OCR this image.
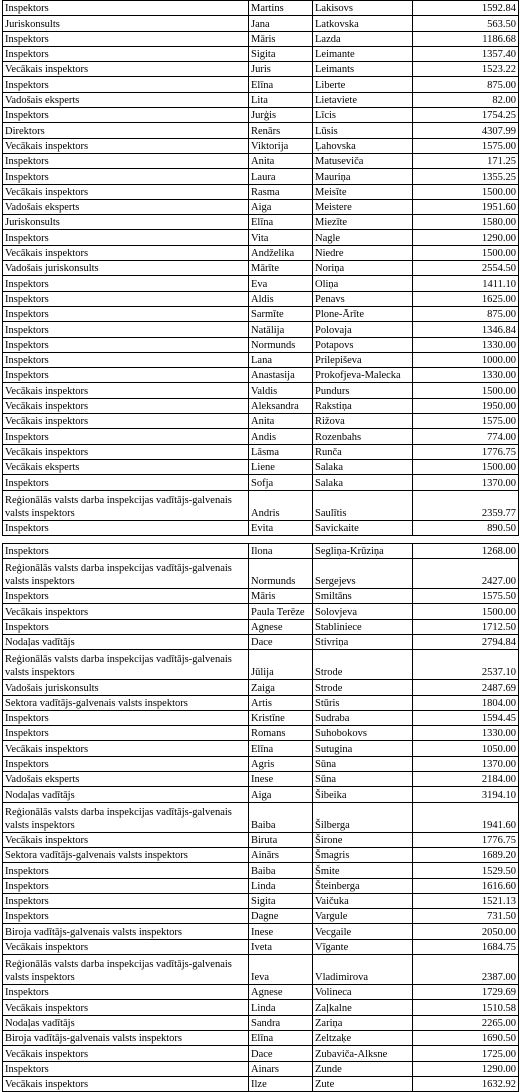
Inspektors	Martins	Lakisovs	1592.84
Juriskonsults	Jana	Latkovska	563.50
Inspektors	Māris	Lazda	1186.68
Inspektors	Sigita	Leimante	1357.40
Vecākais inspektors	Juris	Leimants	1523.22
Inspektors	Elīna	Liberte	875.00
Vadošais eksperts	Lita	Lietaviete	82.00
Inspektors	Jurģis	Līcis	1754.25
Direktors	Renārs	Lūsis	4307.99
Vecākais inspektors	Viktorija	Ļahovska	1575.00
Inspektors	Anita	Matuseviča	171.25
Inspektors	Laura	Mauriņa	1355.25
Vecākais inspektors	Rasma	Meisīte	1500.00
Vadošais eksperts	Aiga	Meistere	1951.60
Juriskonsults	Elīna	Miezīte	1580.00
Inspektors	Vita	Nagle	1290.00
Vecākais inspektors	Andželika	Niedre	1500.00
Vadošais juriskonsults	Mārīte	Noriņa	2554.50
Inspektors	Eva	Oliņa	1411.10
Inspektors	Aldis	Penavs	1625.00
Inspektors	Sarmīte	Plone-Ārīte	875.00
Inspektors	Natālija	Polovaja	1346.84
Inspektors	Normunds	Potapovs	1330.00
Inspektors	Lana	Prilepiševa	1000.00
Inspektors	Anastasija	Prokofjeva-Malecka	1330.00
Vecākais inspektors	Valdis	Pundurs	1500.00
Vecākais inspektors	Aleksandra	Rakstiņa	1950.00
Vecākais inspektors	Anita	Rižova	1575.00
Inspektors	Andis	Rozenbahs	774.00
Vecākais inspektors	Lāsma	Runča	1776.75
Vecākais eksperts	Liene	Salaka	1500.00
Inspektors	Sofja	Salaka	1370.00
Reģionālās valsts darba inspekcijas vadītājs-galvenais valsts inspektors	Andris	Saulītis	2359.77
Inspektors	Evita	Savickaite	890.50
Inspektors	Ilona	Segliņa-Krūziņa	1268.00
Reģionālās valsts darba inspekcijas vadītājs-galvenais valsts inspektors	Normunds	Sergejevs	2427.00
Inspektors	Māris	Smiltāns	1575.50
Vecākais inspektors	Paula Terēze	Solovjeva	1500.00
Inspektors	Agnese	Stabliniece	1712.50
Nodaļas vadītājs	Dace	Stivriņa	2794.84
Reģionālās valsts darba inspekcijas vadītājs-galvenais valsts inspektors	Jūlija	Strode	2537.10
Vadošais juriskonsults	Zaiga	Strode	2487.69
Sektora vadītājs-galvenais valsts inspektors	Artis	Stūris	1804.00
Inspektors	Kristīne	Sudraba	1594.45
Inspektors	Romans	Suhobokovs	1330.00
Vecākais inspektors	Elīna	Sutugina	1050.00
Inspektors	Agris	Sūna	1370.00
Vadošais eksperts	Inese	Sūna	2184.00
Nodaļas vadītājs	Aiga	Šibeika	3194.10
Reģionālās valsts darba inspekcijas vadītājs-galvenais valsts inspektors	Baiba	Šilberga	1941.60
Vecākais inspektors	Biruta	Širone	1776.75
Sektora vadītājs-galvenais valsts inspektors	Ainārs	Šmagris	1689.20
Inspektors	Baiba	Šmite	1529.50
Inspektors	Linda	Šteinberga	1616.60
Inspektors	Sigita	Vaičuka	1521.13
Inspektors	Dagne	Vargule	731.50
Biroja vadītājs-galvenais valsts inspektors	Inese	Vecgaile	2050.00
Vecākais inspektors	Iveta	Vīgante	1684.75
Reģionālās valsts darba inspekcijas vadītājs-galvenais valsts inspektors	Ieva	Vladimirova	2387.00
Inspektors	Agnese	Volineca	1729.69
Vecākais inspektors	Linda	Zaļkalne	1510.58
Nodaļas vadītājs	Sandra	Zariņa	2265.00
Biroja vadītājs-galvenais valsts inspektors	Elīna	Zeltzaķe	1690.50
Vecākais inspektors	Dace	Zubaviča-Alksne	1725.00
Inspektors	Ainars	Zunde	1290.00
Vecākais inspektors	Ilze	Zute	1632.92
